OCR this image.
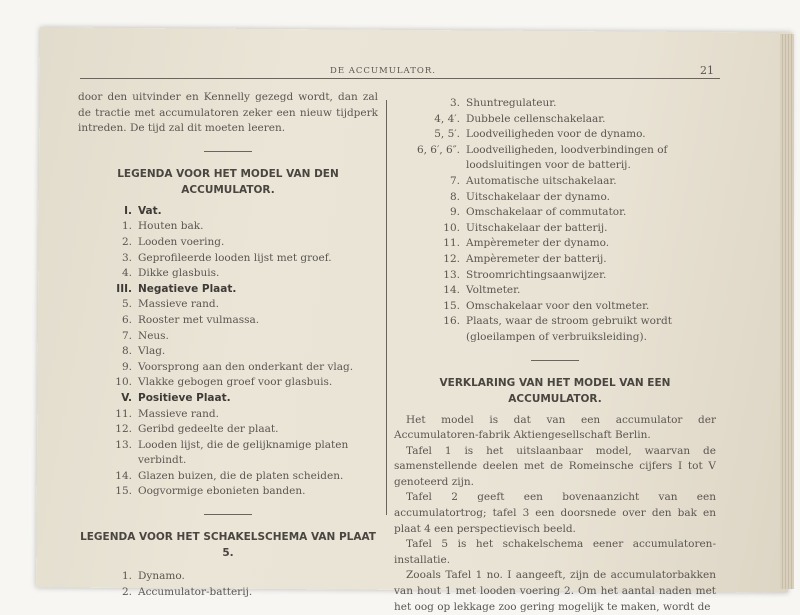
DE ACCUMULATOR.	21
door den uitvinder en Kennelly gezegd wordt, dan zal de tractie met accumulatoren zeker een nieuw tijdperk intreden. De tijd zal dit moeten leeren.
LEGENDA VOOR HET MODEL VAN DEN ACCUMULATOR.
I. Vat.
1. Houten bak.
2. Looden voering.
3. Geprofileerde looden lijst met groef.
4. Dikke glasbuis.
III. Negatieve Plaat.
5. Massieve rand.
6. Rooster met vulmassa.
7. Neus.
8. Vlag.
9. Voorsprong aan den onderkant der vlag.
10. Vlakke gebogen groef voor glasbuis.
V. Positieve Plaat.
11. Massieve rand.
12. Geribd gedeelte der plaat.
13. Looden lijst, die de gelijknamige platen verbindt.
14. Glazen buizen, die de platen scheiden.
15. Oogvormige ebonieten banden.
LEGENDA VOOR HET SCHAKELSCHEMA VAN PLAAT 5.
1. Dynamo.
2. Accumulator-batterij.
3. Shuntregulateur.
4, 4′. Dubbele cellenschakelaar.
5, 5′. Loodveiligheden voor de dynamo.
6, 6′, 6″. Loodveiligheden, loodverbindingen of loodsluitingen voor de batterij.
7. Automatische uitschakelaar.
8. Uitschakelaar der dynamo.
9. Omschakelaar of commutator.
10. Uitschakelaar der batterij.
11. Ampèremeter der dynamo.
12. Ampèremeter der batterij.
13. Stroomrichtingsaanwijzer.
14. Voltmeter.
15. Omschakelaar voor den voltmeter.
16. Plaats, waar de stroom gebruikt wordt (gloeilampen of verbruiksleiding).
VERKLARING VAN HET MODEL VAN EEN ACCUMULATOR.

Het model is dat van een accumulator der Accumulatoren-fabrik Aktiengesellschaft Berlin.

Tafel 1 is het uitslaanbaar model, waarvan de samenstellende deelen met de Romeinsche cijfers I tot V genoteerd zijn.

Tafel 2 geeft een bovenaanzicht van een accumulatortrog; tafel 3 een doorsnede over den bak en plaat 4 een perspectievisch beeld.

Tafel 5 is het schakelschema eener accumulatoren-installatie.

Zooals Tafel 1 no. I aangeeft, zijn de accumulatorbakken van hout 1 met looden voering 2. Om het aantal naden met het oog op lekkage zoo gering mogelijk te maken, wordt de
